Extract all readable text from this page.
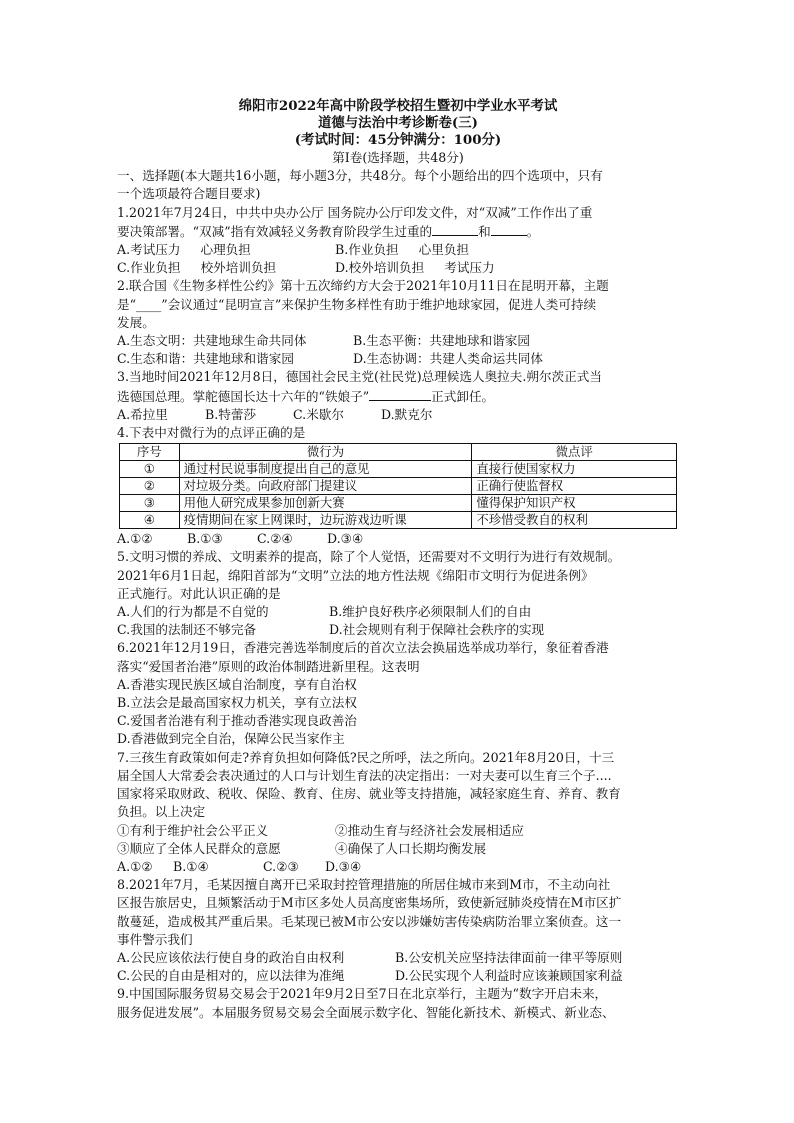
绵阳市2022年高中阶段学校招生暨初中学业水平考试
道德与法治中考诊断卷(三)
(考试时间：45分钟满分：100分)
第Ⅰ卷(选择题，共48分)
一、选择题(本大题共16小题，每小题3分，共48分。每个小题给出的四个选项中，只有
一个选项最符合题目要求)
1.2021年7月24日，中共中央办公厅 国务院办公厅印发文件，对“双减”工作作出了重
要决策部署。“双减”指有效减轻义务教育阶段学生过重的	和	。
A.考试压力     心理负担	B.作业负担     心里负担
C.作业负担     校外培训负担	D.校外培训负担     考试压力
2.联合国《生物多样性公约》第十五次缔约方大会于2021年10月11日在昆明开幕，主题
是“____”会议通过“昆明宣言”来保护生物多样性有助于维护地球家园，促进人类可持续
发展。
A.生态文明：共建地球生命共同体	B.生态平衡：共建地球和谐家园
C.生态和谐：共建地球和谐家园	D.生态协调：共建人类命运共同体
3.当地时间2021年12月8日，德国社会民主党(社民党)总理候选人奥拉夫.朔尔茨正式当
选德国总理。掌舵德国长达十六年的“铁娘子”	正式卸任。
A.希拉里	B.特蕾莎	C.米歇尔	D.默克尔
4.下表中对微行为的点评正确的是
序号	微行为	微点评
①	通过村民说事制度提出自己的意见	直接行使国家权力
②	对垃圾分类。向政府部门提建议	正确行使监督权
③	用他人研究成果参加创新大赛	懂得保护知识产权
④	疫情期间在家上网课时，边玩游戏边听课	不珍惜受教自的权利
A.①②	B.①③	C.②④	D.③④
5.文明习惯的养成、文明素养的提高，除了个人觉悟，还需要对不文明行为进行有效规制。
2021年6月1日起，绵阳首部为“文明”立法的地方性法规《绵阳市文明行为促进条例》
正式施行。对此认识正确的是
A.人们的行为都是不自觉的	B.维护良好秩序必须限制人们的自由
C.我国的法制还不够完备	D.社会规则有利于保障社会秩序的实现
6.2021年12月19日，香港完善选举制度后的首次立法会换届选举成功举行，象征着香港
落实“爱国者治港”原则的政治体制踏进新里程。这表明
A.香港实现民族区域自治制度，享有自治权
B.立法会是最高国家权力机关，享有立法权
C.爱国者治港有利于推动香港实现良政善治
D.香港做到完全自治，保障公民当家作主
7.三孩生育政策如何走?养育负担如何降低?民之所呼，法之所向。2021年8月20日，十三
届全国人大常委会表决通过的人口与计划生育法的决定指出：一对夫妻可以生育三个子....
国家将采取财政、税收、保险、教育、住房、就业等支持措施，减轻家庭生育、养育、教育
负担。以上决定
①有利于维护社会公平正义	②推动生育与经济社会发展相适应
③顺应了全体人民群众的意愿	④确保了人口长期均衡发展
A.①② B.①④	C.②③ D.③④
8.2021年7月，毛某因擅自离开已采取封控管理措施的所居住城市来到M市，不主动向社
区报告旅居史，且频繁活动于M市区多处人员高度密集场所，致使新冠肺炎疫情在M市区扩
散蔓延，造成极其严重后果。毛某现已被M市公安以涉嫌妨害传染病防治罪立案侦查。这一
事件警示我们
A.公民应该依法行使自身的政治自由权利	B.公安机关应坚持法律面前一律平等原则
C.公民的自由是相对的，应以法律为准绳	D.公民实现个人利益时应该兼顾国家利益
9.中国国际服务贸易交易会于2021年9月2日至7日在北京举行，主题为“数字开启未来，
服务促进发展”。本届服务贸易交易会全面展示数字化、智能化新技术、新模式、新业态、
